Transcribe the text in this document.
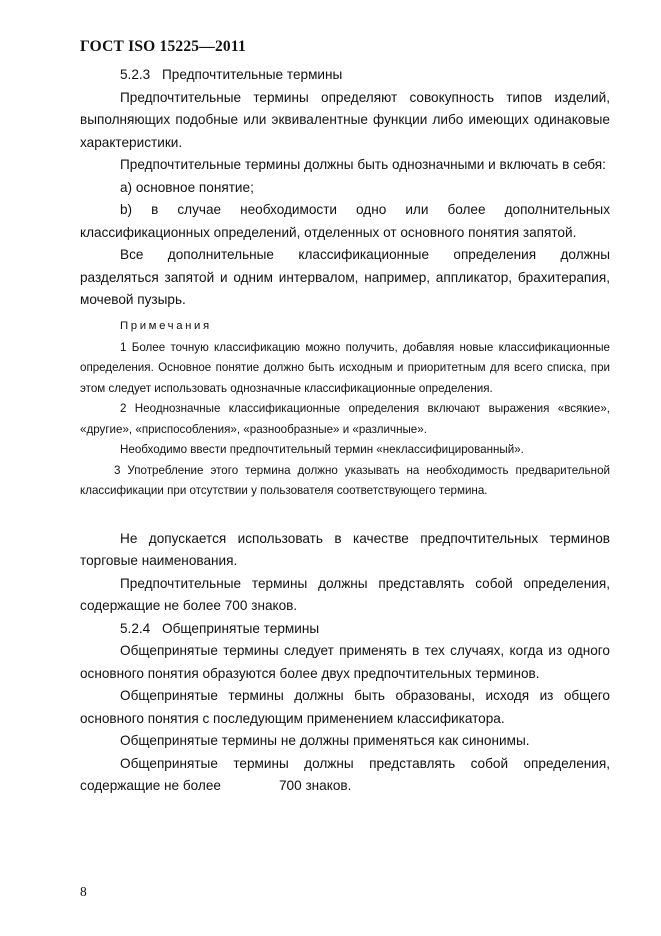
ГОСТ ISO 15225—2011

5.2.3 Предпочтительные термины

Предпочтительные термины определяют совокупность типов изделий, выполняющих подобные или эквивалентные функции либо имеющих одинаковые характеристики.

Предпочтительные термины должны быть однозначными и включать в себя:

а) основное понятие;

b) в случае необходимости одно или более дополнительных классификационных определений, отделенных от основного понятия запятой.

Все дополнительные классификационные определения должны разделяться запятой и одним интервалом, например, аппликатор, брахитерапия, мочевой пузырь.

Примечания

1 Более точную классификацию можно получить, добавляя новые классификационные определения. Основное понятие должно быть исходным и приоритетным для всего списка, при этом следует использовать однозначные классификационные определения.

2 Неоднозначные классификационные определения включают выражения «всякие», «другие», «приспособления», «разнообразные» и «различные».

Необходимо ввести предпочтительный термин «неклассифицированный».

3 Употребление этого термина должно указывать на необходимость предварительной классификации при отсутствии у пользователя соответствующего термина.

Не допускается использовать в качестве предпочтительных терминов торговые наименования.

Предпочтительные термины должны представлять собой определения, содержащие не более 700 знаков.

5.2.4 Общепринятые термины

Общепринятые термины следует применять в тех случаях, когда из одного основного понятия образуются более двух предпочтительных терминов.

Общепринятые термины должны быть образованы, исходя из общего основного понятия с последующим применением классификатора.

Общепринятые термины не должны применяться как синонимы.

Общепринятые термины должны представлять собой определения, содержащие не более	700 знаков.

8
